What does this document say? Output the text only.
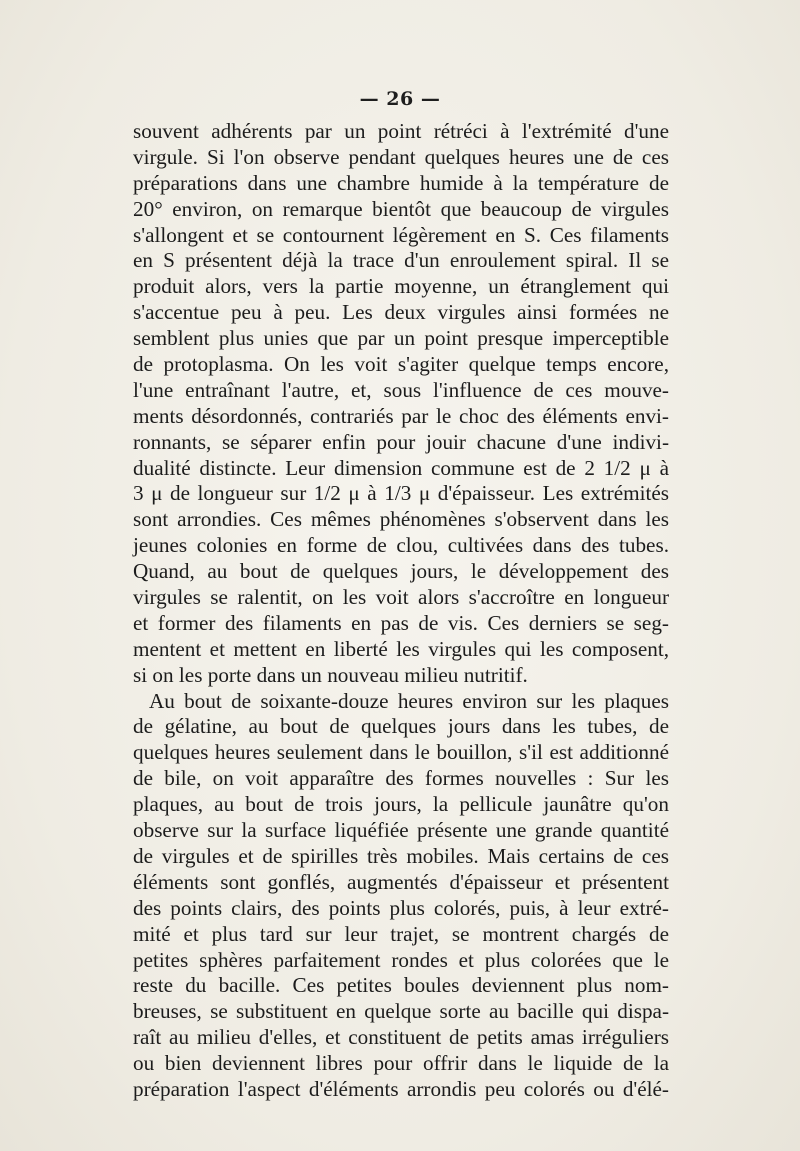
— 26 —
souvent adhérents par un point rétréci à l'extrémité d'une
virgule. Si l'on observe pendant quelques heures une de ces
préparations dans une chambre humide à la température de
20° environ, on remarque bientôt que beaucoup de virgules
s'allongent et se contournent légèrement en S. Ces filaments
en S présentent déjà la trace d'un enroulement spiral. Il se
produit alors, vers la partie moyenne, un étranglement qui
s'accentue peu à peu. Les deux virgules ainsi formées ne
semblent plus unies que par un point presque imperceptible
de protoplasma. On les voit s'agiter quelque temps encore,
l'une entraînant l'autre, et, sous l'influence de ces mouve-
ments désordonnés, contrariés par le choc des éléments envi-
ronnants, se séparer enfin pour jouir chacune d'une indivi-
dualité distincte. Leur dimension commune est de 2 1/2 μ à
3 μ de longueur sur 1/2 μ à 1/3 μ d'épaisseur. Les extrémités
sont arrondies. Ces mêmes phénomènes s'observent dans les
jeunes colonies en forme de clou, cultivées dans des tubes.
Quand, au bout de quelques jours, le développement des
virgules se ralentit, on les voit alors s'accroître en longueur
et former des filaments en pas de vis. Ces derniers se seg-
mentent et mettent en liberté les virgules qui les composent,
si on les porte dans un nouveau milieu nutritif.
Au bout de soixante-douze heures environ sur les plaques
de gélatine, au bout de quelques jours dans les tubes, de
quelques heures seulement dans le bouillon, s'il est additionné
de bile, on voit apparaître des formes nouvelles : Sur les
plaques, au bout de trois jours, la pellicule jaunâtre qu'on
observe sur la surface liquéfiée présente une grande quantité
de virgules et de spirilles très mobiles. Mais certains de ces
éléments sont gonflés, augmentés d'épaisseur et présentent
des points clairs, des points plus colorés, puis, à leur extré-
mité et plus tard sur leur trajet, se montrent chargés de
petites sphères parfaitement rondes et plus colorées que le
reste du bacille. Ces petites boules deviennent plus nom-
breuses, se substituent en quelque sorte au bacille qui dispa-
raît au milieu d'elles, et constituent de petits amas irréguliers
ou bien deviennent libres pour offrir dans le liquide de la
préparation l'aspect d'éléments arrondis peu colorés ou d'élé-
